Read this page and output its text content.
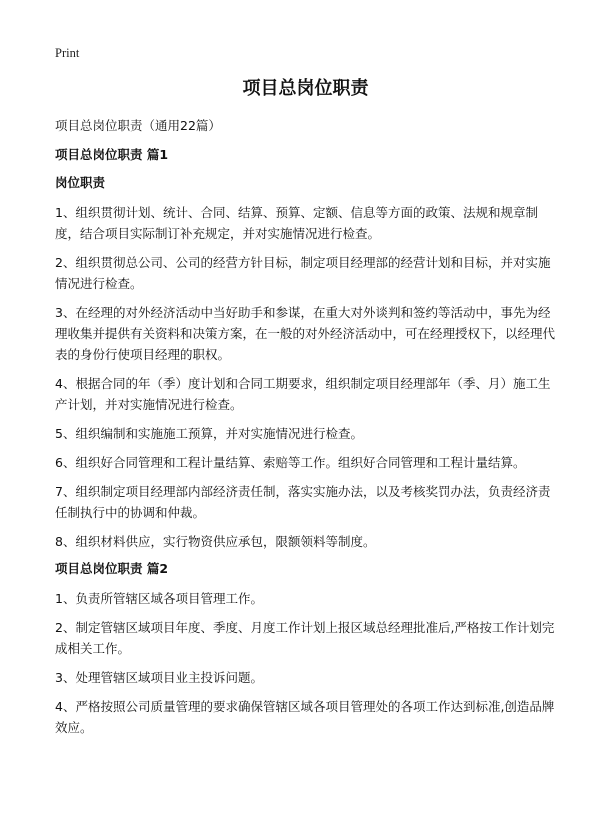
Print
项目总岗位职责
项目总岗位职责（通用22篇）
项目总岗位职责 篇1
岗位职责

1、组织贯彻计划、统计、合同、结算、预算、定额、信息等方面的政策、法规和规章制度，结合项目实际制订补充规定，并对实施情况进行检查。

2、组织贯彻总公司、公司的经营方针目标，制定项目经理部的经营计划和目标，并对实施情况进行检查。

3、在经理的对外经济活动中当好助手和参谋，在重大对外谈判和签约等活动中，事先为经理收集并提供有关资料和决策方案，在一般的对外经济活动中，可在经理授权下，以经理代表的身份行使项目经理的职权。

4、根据合同的年（季）度计划和合同工期要求，组织制定项目经理部年（季、月）施工生产计划，并对实施情况进行检查。

5、组织编制和实施施工预算，并对实施情况进行检查。

6、组织好合同管理和工程计量结算、索赔等工作。组织好合同管理和工程计量结算。

7、组织制定项目经理部内部经济责任制，落实实施办法，以及考核奖罚办法，负责经济责任制执行中的协调和仲裁。

8、组织材料供应，实行物资供应承包，限额领料等制度。

项目总岗位职责 篇2

1、负责所管辖区域各项目管理工作。

2、制定管辖区域项目年度、季度、月度工作计划上报区域总经理批准后,严格按工作计划完成相关工作。

3、处理管辖区域项目业主投诉问题。

4、严格按照公司质量管理的要求确保管辖区域各项目管理处的各项工作达到标准,创造品牌效应。
